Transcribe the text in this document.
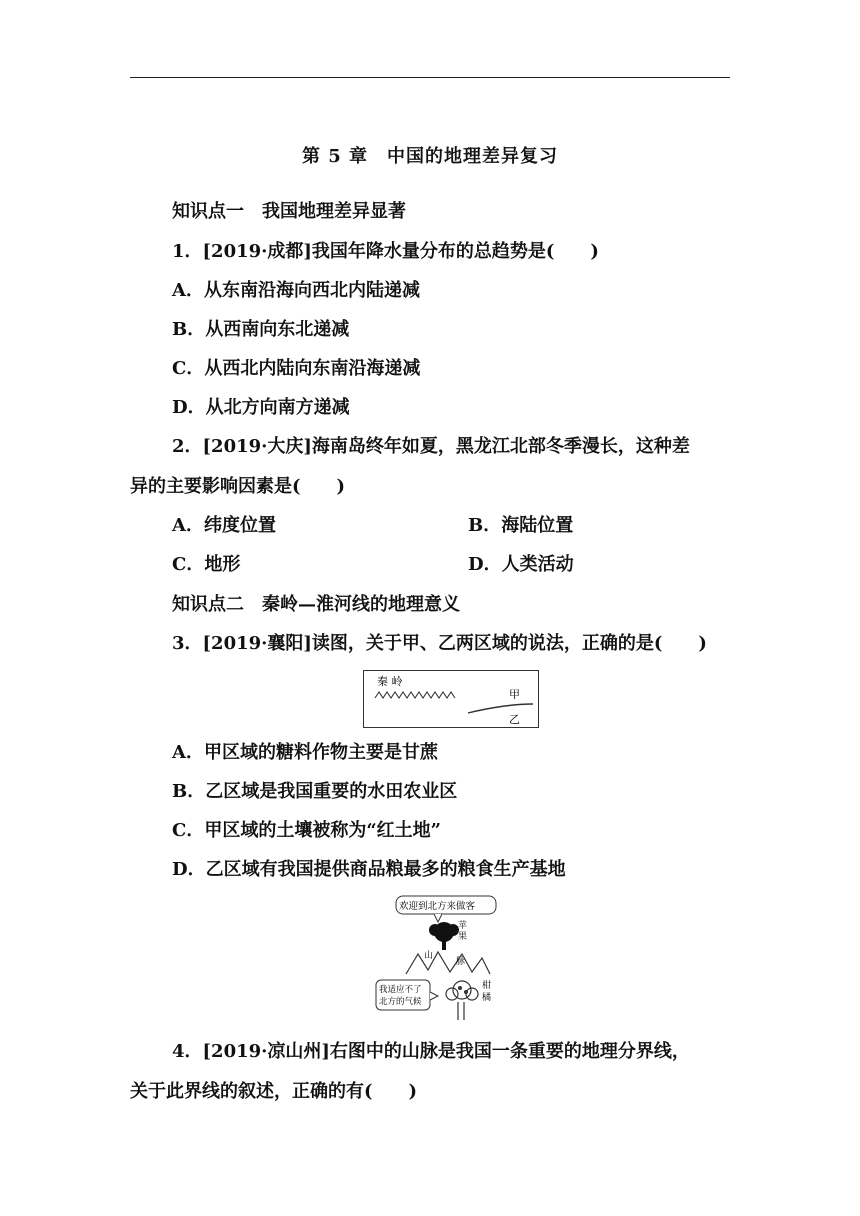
第 5 章　中国的地理差异复习
知识点一　我国地理差异显著
1．[2019·成都]我国年降水量分布的总趋势是(　　)
A．从东南沿海向西北内陆递减
B．从西南向东北递减
C．从西北内陆向东南沿海递减
D．从北方向南方递减
2．[2019·大庆]海南岛终年如夏，黑龙江北部冬季漫长，这种差
异的主要影响因素是(　　)
A．纬度位置	B．海陆位置
C．地形	D．人类活动
知识点二　秦岭—淮河线的地理意义
3．[2019·襄阳]读图，关于甲、乙两区域的说法，正确的是(　　)
秦 岭
甲
乙
A．甲区域的糖料作物主要是甘蔗
B．乙区域是我国重要的水田农业区
C．甲区域的土壤被称为“红土地”
D．乙区域有我国提供商品粮最多的粮食生产基地
欢迎到北方来做客
苹
果
山
脉
我适应不了
北方的气候
柑
橘
4．[2019·凉山州]右图中的山脉是我国一条重要的地理分界线，
关于此界线的叙述，正确的有(　　)
